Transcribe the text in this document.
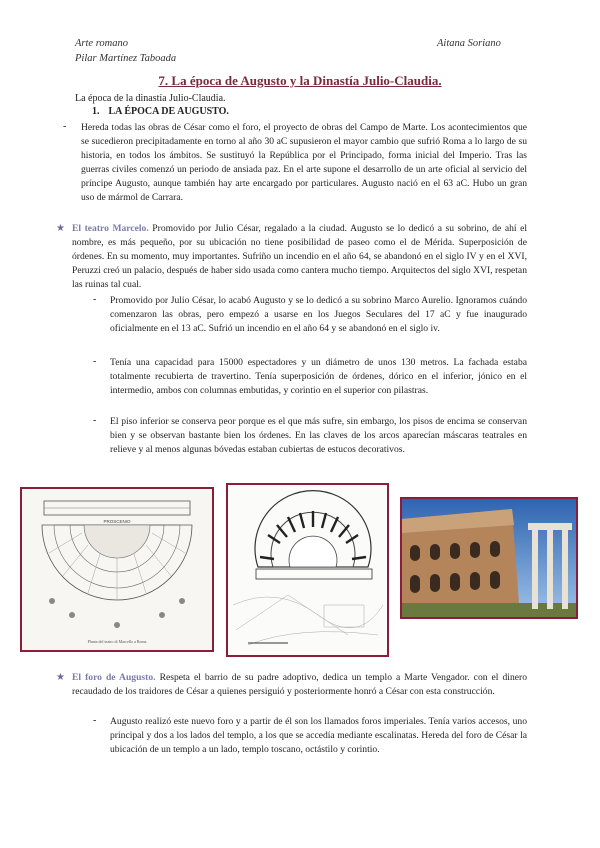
Arte romano
Pilar Martínez Taboada
Aitana Soriano
7. La época de Augusto y la Dinastía Julio-Claudia.
La época de la dinastía Julio-Claudia.
1. LA ÉPOCA DE AUGUSTO.
- Hereda todas las obras de César como el foro, el proyecto de obras del Campo de Marte. Los acontecimientos que se sucedieron precipitadamente en torno al año 30 aC supusieron el mayor cambio que sufrió Roma a lo largo de su historia, en todos los ámbitos. Se sustituyó la República por el Principado, forma inicial del Imperio. Tras las guerras civiles comenzó un periodo de ansiada paz. En el arte supone el desarrollo de un arte oficial al servicio del príncipe Augusto, aunque también hay arte encargado por particulares. Augusto nació en el 63 aC. Hubo un gran uso de mármol de Carrara.

★ El teatro Marcelo. Promovido por Julio César, regalado a la ciudad. Augusto se lo dedicó a su sobrino, de ahí el nombre, es más pequeño, por su ubicación no tiene posibilidad de paseo como el de Mérida. Superposición de órdenes. En su momento, muy importantes. Sufriño un incendio en el año 64, se abandonó en el siglo IV y en el XVI, Peruzzi creó un palacio, después de haber sido usada como cantera mucho tiempo. Arquitectos del siglo XVI, respetan las ruinas tal cual.

- Promovido por Julio César, lo acabó Augusto y se lo dedicó a su sobrino Marco Aurelio. Ignoramos cuándo comenzaron las obras, pero empezó a usarse en los Juegos Seculares del 17 aC y fue inaugurado oficialmente en el 13 aC. Sufrió un incendio en el año 64 y se abandonó en el siglo iv.

- Tenía una capacidad para 15000 espectadores y un diámetro de unos 130 metros. La fachada estaba totalmente recubierta de travertino. Tenía superposición de órdenes, dórico en el inferior, jónico en el intermedio, ambos con columnas embutidas, y corintio en el superior con pilastras.

- El piso inferior se conserva peor porque es el que más sufre, sin embargo, los pisos de encima se conservan bien y se observan bastante bien los órdenes. En las claves de los arcos aparecían máscaras teatrales en relieve y al menos algunas bóvedas estaban cubiertas de estucos decorativos.

PROSCENIO
Planta del teatro di Marcello a Roma
★ El foro de Augusto. Respeta el barrio de su padre adoptivo, dedica un templo a Marte Vengador. con el dinero recaudado de los traidores de César a quienes persiguió y posteriormente honró a César con esta construcción.

- Augusto realizó este nuevo foro y a partir de él son los llamados foros imperiales. Tenía varios accesos, uno principal y dos a los lados del templo, a los que se accedía mediante escalinatas. Hereda del foro de César la ubicación de un templo a un lado, templo toscano, octástilo y corintio.
